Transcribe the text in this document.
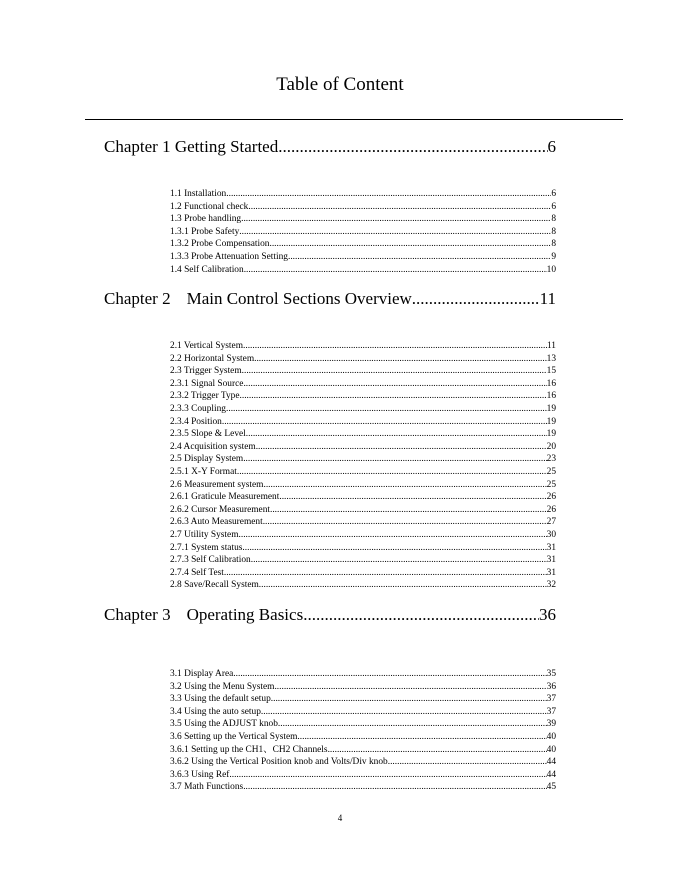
Table of Content
Chapter 1 Getting Started .....	6
1.1 Installation .....	6
1.2 Functional check .....	6
1.3 Probe handling .....	8
1.3.1 Probe Safety .....	8
1.3.2 Probe Compensation .....	8
1.3.3 Probe Attenuation Setting .....	9
1.4 Self Calibration .....	10
Chapter 2 Main Control Sections Overview .....	11
2.1 Vertical System .....	11
2.2 Horizontal System .....	13
2.3 Trigger System .....	15
2.3.1 Signal Source .....	16
2.3.2 Trigger Type .....	16
2.3.3 Coupling .....	19
2.3.4 Position .....	19
2.3.5 Slope & Level .....	19
2.4 Acquisition system .....	20
2.5 Display System .....	23
2.5.1 X-Y Format .....	25
2.6 Measurement system .....	25
2.6.1 Graticule Measurement .....	26
2.6.2 Cursor Measurement .....	26
2.6.3 Auto Measurement .....	27
2.7 Utility System .....	30
2.7.1 System status .....	31
2.7.3 Self Calibration .....	31
2.7.4 Self Test .....	31
2.8 Save/Recall System .....	32
Chapter 3 Operating Basics .....	36
3.1 Display Area .....	35
3.2 Using the Menu System .....	36
3.3 Using the default setup .....	37
3.4 Using the auto setup .....	37
3.5 Using the ADJUST knob .....	39
3.6 Setting up the Vertical System .....	40
3.6.1 Setting up the CH1、CH2 Channels .....	40
3.6.2 Using the Vertical Position knob and Volts/Div knob .....	44
3.6.3 Using Ref .....	44
3.7 Math Functions .....	45
4
